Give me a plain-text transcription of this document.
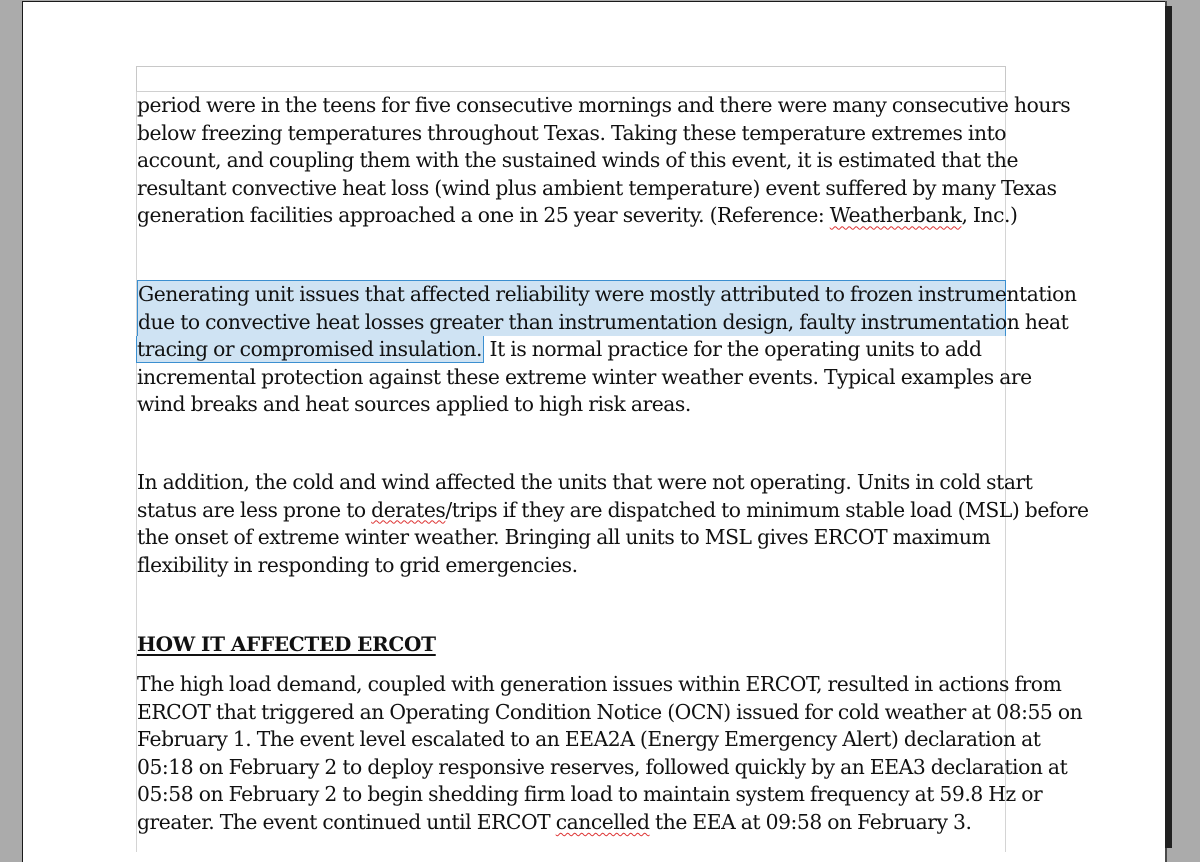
period were in the teens for five consecutive mornings and there were many consecutive hours

below freezing temperatures throughout Texas. Taking these temperature extremes into

account, and coupling them with the sustained winds of this event, it is estimated that the

resultant convective heat loss (wind plus ambient temperature) event suffered by many Texas

generation facilities approached a one in 25 year severity. (Reference: Weatherbank, Inc.)

Generating unit issues that affected reliability were mostly attributed to frozen instrumentation

due to convective heat losses greater than instrumentation design, faulty instrumentation heat

tracing or compromised insulation. It is normal practice for the operating units to add

incremental protection against these extreme winter weather events. Typical examples are

wind breaks and heat sources applied to high risk areas.

In addition, the cold and wind affected the units that were not operating. Units in cold start

status are less prone to derates/trips if they are dispatched to minimum stable load (MSL) before

the onset of extreme winter weather. Bringing all units to MSL gives ERCOT maximum

flexibility in responding to grid emergencies.

HOW IT AFFECTED ERCOT

The high load demand, coupled with generation issues within ERCOT, resulted in actions from

ERCOT that triggered an Operating Condition Notice (OCN) issued for cold weather at 08:55 on

February 1. The event level escalated to an EEA2A (Energy Emergency Alert) declaration at

05:18 on February 2 to deploy responsive reserves, followed quickly by an EEA3 declaration at

05:58 on February 2 to begin shedding firm load to maintain system frequency at 59.8 Hz or

greater. The event continued until ERCOT cancelled the EEA at 09:58 on February 3.
